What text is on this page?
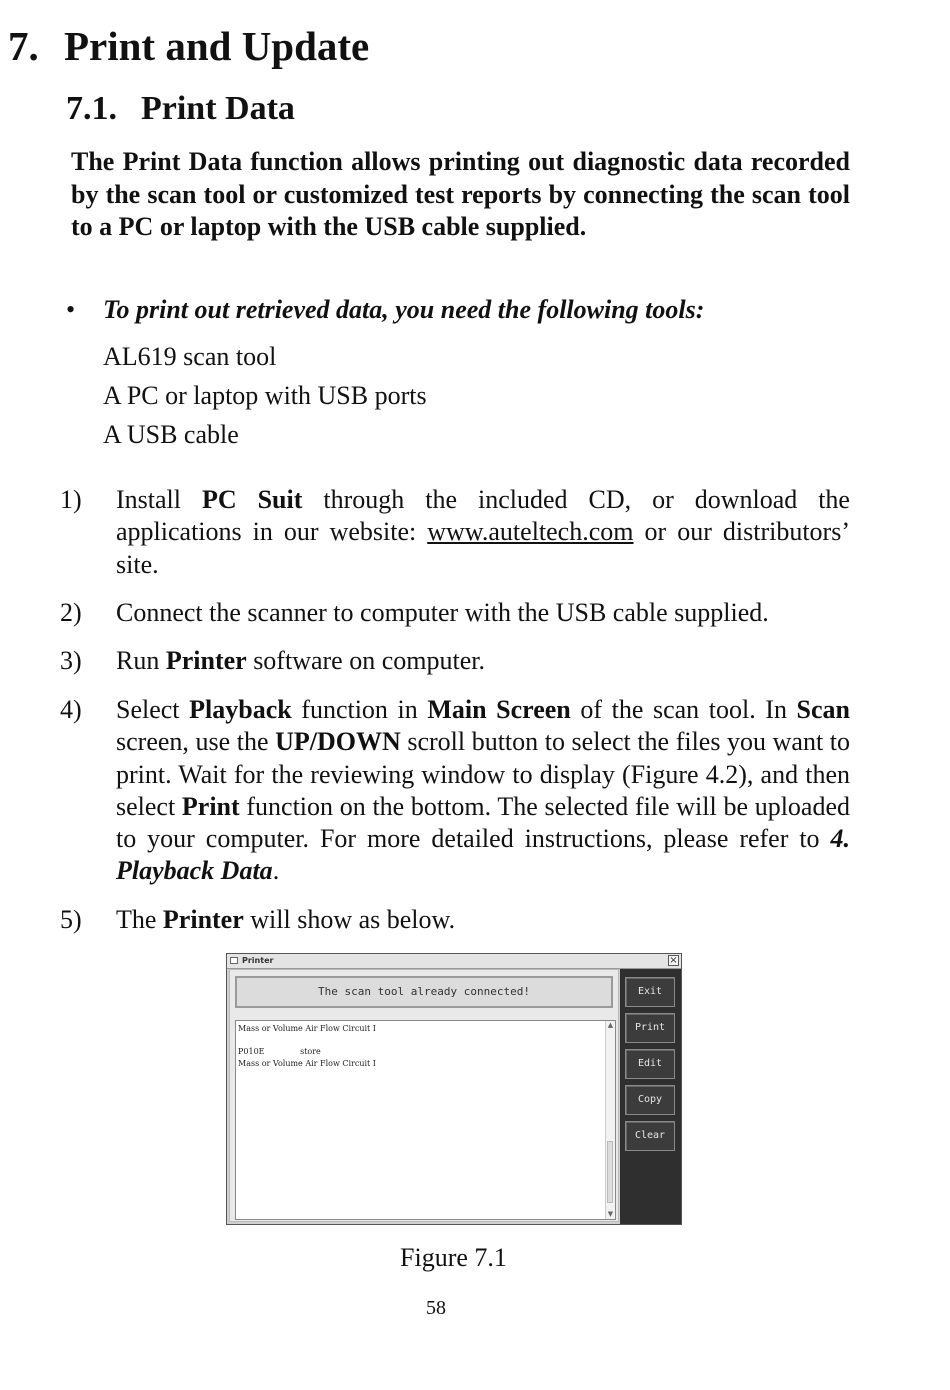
7. Print and Update
7.1. Print Data

The Print Data function allows printing out diagnostic data recorded by the scan tool or customized test reports by connecting the scan tool to a PC or laptop with the USB cable supplied.

• To print out retrieved data, you need the following tools:
AL619 scan tool
A PC or laptop with USB ports
A USB cable
1) Install PC Suit through the included CD, or download the applications in our website: www.auteltech.com or our distributors’ site.
2) Connect the scanner to computer with the USB cable supplied.
3) Run Printer software on computer.
4) Select Playback function in Main Screen of the scan tool. In Scan screen, use the UP/DOWN scroll button to select the files you want to print. Wait for the reviewing window to display (Figure 4.2), and then select Print function on the bottom. The selected file will be uploaded to your computer. For more detailed instructions, please refer to 4. Playback Data.
5) The Printer will show as below.
Printer	×
The scan tool already connected!
Mass or Volume Air Flow Circuit I
P010E              store
Mass or Volume Air Flow Circuit I
▲
▼
Exit
Print
Edit
Copy
Clear
Figure 7.1
58
